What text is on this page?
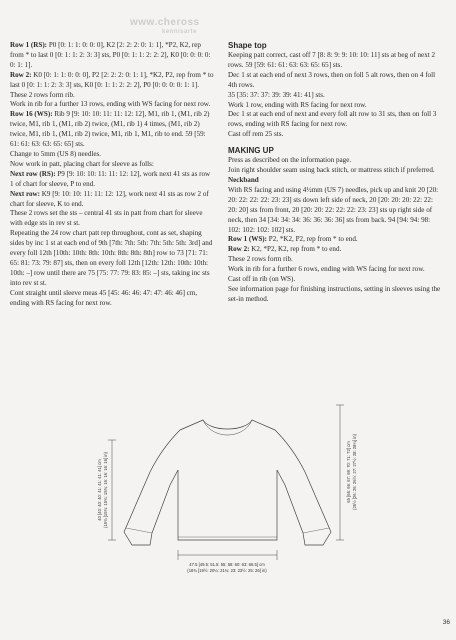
www.cheross
kennisarte
Row 1 (RS): P0 [0: 1: 1: 0: 0: 0], K2 [2: 2: 2: 0: 1: 1], *P2, K2, rep from * to last 0 [0: 1: 1: 2: 3: 3] sts, P0 [0: 1: 1: 2: 2: 2], K0 [0: 0: 0: 0: 0: 1: 1].
Row 2: K0 [0: 1: 1: 0: 0: 0], P2 [2: 2: 2: 0: 1: 1], *K2, P2, rep from * to last 0 [0: 1: 1: 2: 3: 3] sts, K0 [0: 1: 1: 2: 2: 2], P0 [0: 0: 0: 0: 1: 1].
These 2 rows form rib.
Work in rib for a further 13 rows, ending with WS facing for next row.
Row 16 (WS): Rib 9 [9: 10: 10: 11: 11: 12: 12], M1, rib 1, (M1, rib 2) twice, M1, rib 1, (M1, rib 2) twice, (M1, rib 1) 4 times, (M1, rib 2) twice, M1, rib 1, (M1, rib 2) twice, M1, rib 1, M1, rib to end. 59 [59: 61: 61: 63: 63: 65: 65] sts.
Change to 5mm (US 8) needles.
Now work in patt, placing chart for sleeve as folls:
Next row (RS): P9 [9: 10: 10: 11: 11: 12: 12], work next 41 sts as row 1 of chart for sleeve, P to end.
Next row: K9 [9: 10: 10: 11: 11: 12: 12], work next 41 sts as row 2 of chart for sleeve, K to end.
These 2 rows set the sts – central 41 sts in patt from chart for sleeve with edge sts in rev st st.
Repeating the 24 row chart patt rep throughout, cont as set, shaping sides by inc 1 st at each end of 9th [7th: 7th: 5th: 7th: 5th: 5th: 3rd] and every foll 12th [10th: 10th: 8th: 10th: 8th: 8th: 8th] row to 73 [71: 71: 65: 81: 73: 79: 87] sts, then on every foll 12th [12th: 12th: 10th: 10th: 10th: –] row until there are 75 [75: 77: 79: 83: 85: –] sts, taking inc sts into rev st st.
Cont straight until sleeve meas 45 [45: 46: 46: 47: 47: 46: 46] cm, ending with RS facing for next row.
Shape top
Keeping patt correct, cast off 7 [8: 8: 9: 9: 10: 10: 11] sts at beg of next 2 rows. 59 [59: 61: 61: 63: 63: 65: 65] sts.
Dec 1 st at each end of next 3 rows, then on foll 5 alt rows, then on 4 foll 4th rows.
35 [35: 37: 37: 39: 39: 41: 41] sts.
Work 1 row, ending with RS facing for next row.
Dec 1 st at each end of next and every foll alt row to 31 sts, then on foll 3 rows, ending with RS facing for next row.
Cast off rem 25 sts.
MAKING UP
Press as described on the information page.
Join right shoulder seam using back stitch, or mattress stitch if preferred.
Neckband
With RS facing and using 4½mm (US 7) needles, pick up and knit 20 [20: 20: 22: 22: 22: 23: 23] sts down left side of neck, 20 [20: 20: 20: 22: 22: 20: 20] sts from front, 20 [20: 20: 22: 22: 22: 23: 23] sts up right side of neck, then 34 [34: 34: 34: 36: 36: 36: 36] sts from back. 94 [94: 94: 98: 102: 102: 102: 102] sts.
Row 1 (WS): P2, *K2, P2, rep from * to end.
Row 2: K2, *P2, K2, rep from * to end.
These 2 rows form rib.
Work in rib for a further 6 rows, ending with WS facing for next row.
Cast off in rib (on WS).
See information page for finishing instructions, setting in sleeves using the set-in method.
47.5 [49.5: 51.5: 55: 58: 60: 63: 66.5] cm
(18¾ [19½: 20¼: 21¾: 23: 23½: 25: 26] in)
40 [40: 40: 40: 41: 41: 41: 41] cm (15¾ [15¾: 15¾: 15¾: 16: 16: 16: 16] in)	65 [66: 66: 67: 69: 70: 71: 72] cm (25½ [26: 26: 26½: 27: 27½: 28: 28¼] in)
36
